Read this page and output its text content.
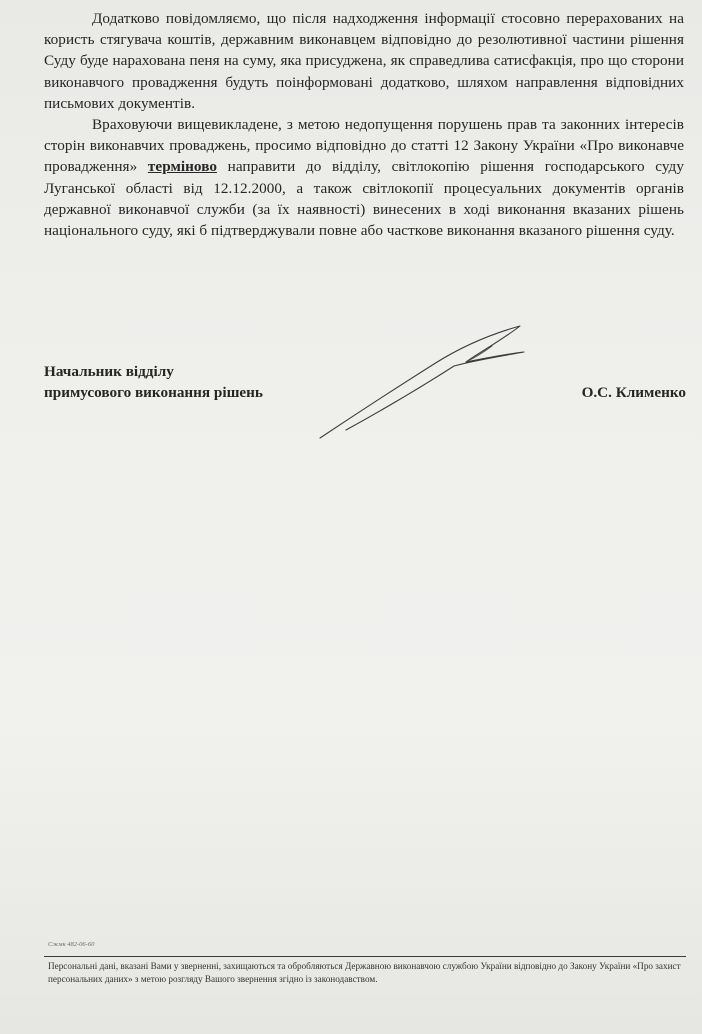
Додатково повідомляємо, що після надходження інформації стосовно перерахованих на користь стягувача коштів, державним виконавцем відповідно до резолютивної частини рішення Суду буде нарахована пеня на суму, яка присуджена, як справедлива сатисфакція, про що сторони виконавчого провадження будуть поінформовані додатково, шляхом направлення відповідних письмових документів.

Враховуючи вищевикладене, з метою недопущення порушень прав та законних інтересів сторін виконавчих проваджень, просимо відповідно до статті 12 Закону України «Про виконавче провадження» терміново направити до відділу, світлокопію рішення господарського суду Луганської області від 12.12.2000, а також світлокопії процесуальних документів органів державної виконавчої служби (за їх наявності) винесених в ході виконання вказаних рішень національного суду, які б підтверджували повне або часткове виконання вказаного рішення суду.

Начальник відділу
примусового виконання рішень	О.С. Клименко
Сжмк 482-06-60
Персональні дані, вказані Вами у зверненні, захищаються та обробляються Державною виконавчою службою України відповідно до Закону України «Про захист персональних даних» з метою розгляду Вашого звернення згідно із законодавством.
